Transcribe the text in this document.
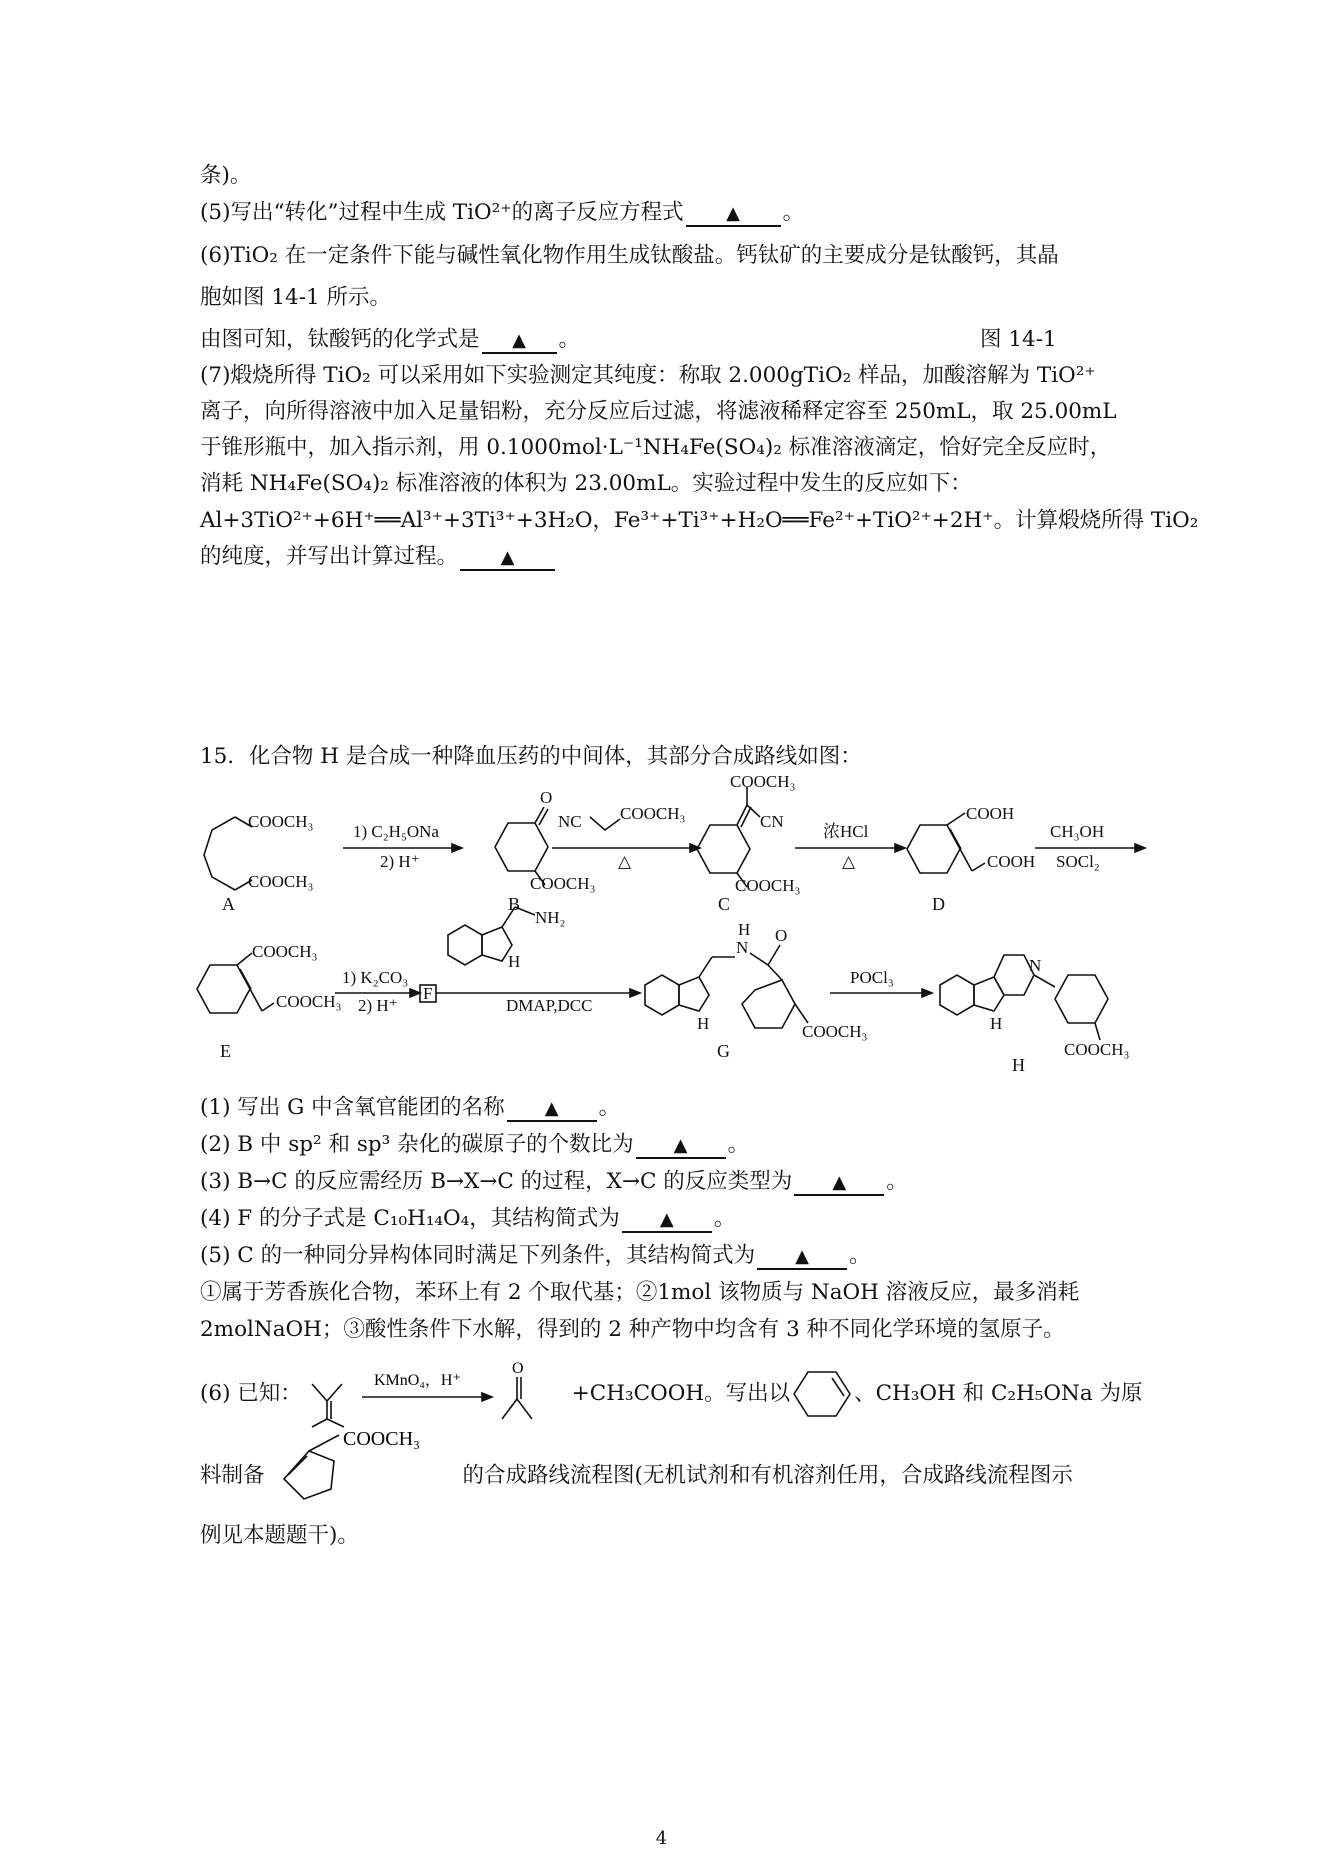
条)。
(5)写出“转化”过程中生成 TiO²⁺的离子反应方程式 ▲ 。
(6)TiO₂ 在一定条件下能与碱性氧化物作用生成钛酸盐。钙钛矿的主要成分是钛酸钙，其晶
胞如图 14-1 所示。
由图可知，钛酸钙的化学式是 ▲ 。	图 14-1
(7)煅烧所得 TiO₂ 可以采用如下实验测定其纯度：称取 2.000gTiO₂ 样品，加酸溶解为 TiO²⁺
离子，向所得溶液中加入足量铝粉，充分反应后过滤，将滤液稀释定容至 250mL，取 25.00mL
于锥形瓶中，加入指示剂，用 0.1000mol·L⁻¹NH₄Fe(SO₄)₂ 标准溶液滴定，恰好完全反应时，
消耗 NH₄Fe(SO₄)₂ 标准溶液的体积为 23.00mL。实验过程中发生的反应如下：
Al+3TiO²⁺+6H⁺══Al³⁺+3Ti³⁺+3H₂O，Fe³⁺+Ti³⁺+H₂O══Fe²⁺+TiO²⁺+2H⁺。计算煅烧所得 TiO₂
的纯度，并写出计算过程。 ▲
15．化合物 H 是合成一种降血压药的中间体，其部分合成路线如图：
COOCH₃
COOCH₃
A
1) C₂H₅ONa
2) H⁺
O
COOCH₃
B
NC COOCH₃
△
COOCH₃
CN
COOCH₃
C
浓HCl
△
COOH
COOH
D
CH₃OH
SOCl₂
COOCH₃
COOCH₃
E
1) K₂CO₃
2) H⁺
F
H
NH₂
DMAP,DCC
H
N
H O
COOCH₃
G
POCl₃
N
H
COOCH₃
H
(1) 写出 G 中含氧官能团的名称 ▲ 。
(2) B 中 sp² 和 sp³ 杂化的碳原子的个数比为 ▲ 。
(3) B→C 的反应需经历 B→X→C 的过程，X→C 的反应类型为 ▲ 。
(4) F 的分子式是 C₁₀H₁₄O₄，其结构简式为 ▲ 。
(5) C 的一种同分异构体同时满足下列条件，其结构简式为 ▲ 。
①属于芳香族化合物，苯环上有 2 个取代基；②1mol 该物质与 NaOH 溶液反应，最多消耗
2molNaOH；③酸性条件下水解，得到的 2 种产物中均含有 3 种不同化学环境的氢原子。
(6) 已知：
KMnO₄，H⁺
O
+CH₃COOH。写出以	、CH₃OH 和 C₂H₅ONa 为原
料制备
COOCH₃
的合成路线流程图(无机试剂和有机溶剂任用，合成路线流程图示
例见本题题干)。
4
